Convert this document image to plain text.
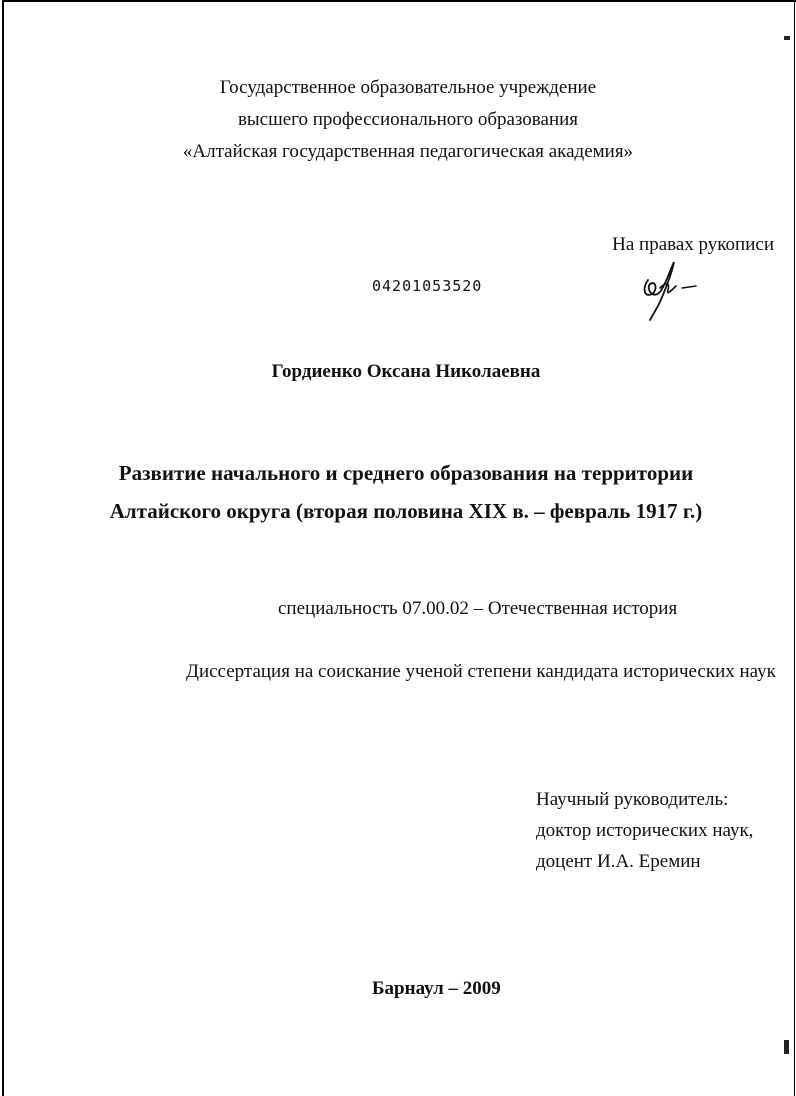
Государственное образовательное учреждение
высшего профессионального образования
«Алтайская государственная педагогическая академия»
На правах рукописи
04201053520
Гордиенко Оксана Николаевна
Развитие начального и среднего образования на территории
Алтайского округа (вторая половина XIX в. – февраль 1917 г.)
специальность 07.00.02 – Отечественная история
Диссертация на соискание ученой степени кандидата исторических наук
Научный руководитель:
доктор исторических наук,
доцент И.А. Еремин
Барнаул – 2009
